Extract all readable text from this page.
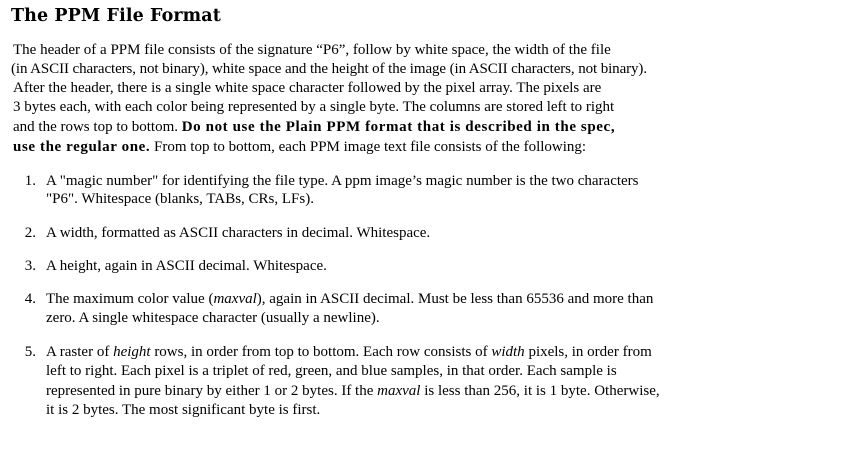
The PPM File Format
The header of a PPM file consists of the signature “P6”, follow by white space, the width of the file
(in ASCII characters, not binary), white space and the height of the image (in ASCII characters, not binary).
After the header, there is a single white space character followed by the pixel array. The pixels are
3 bytes each, with each color being represented by a single byte. The columns are stored left to right
and the rows top to bottom. Do not use the Plain PPM format that is described in the spec,
use the regular one. From top to bottom, each PPM image text file consists of the following:
1. A "magic number" for identifying the file type. A ppm image’s magic number is the two characters
"P6". Whitespace (blanks, TABs, CRs, LFs).
2. A width, formatted as ASCII characters in decimal. Whitespace.
3. A height, again in ASCII decimal. Whitespace.
4. The maximum color value (maxval), again in ASCII decimal. Must be less than 65536 and more than
zero. A single whitespace character (usually a newline).
5. A raster of height rows, in order from top to bottom. Each row consists of width pixels, in order from
left to right. Each pixel is a triplet of red, green, and blue samples, in that order. Each sample is
represented in pure binary by either 1 or 2 bytes. If the maxval is less than 256, it is 1 byte. Otherwise,
it is 2 bytes. The most significant byte is first.
